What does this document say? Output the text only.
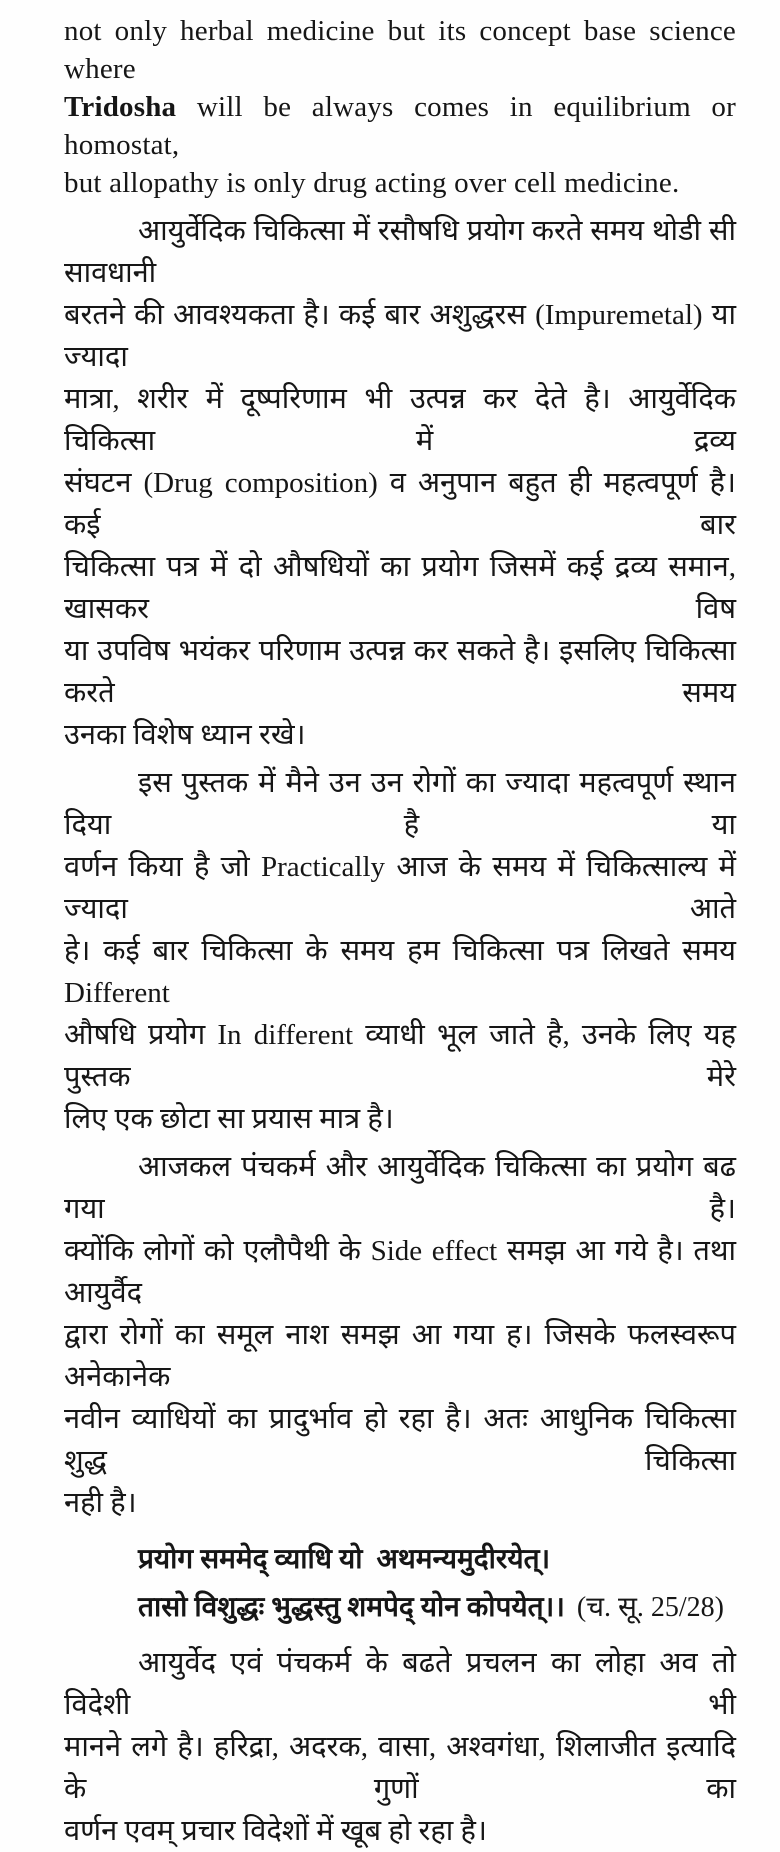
not only herbal medicine but its concept base science where
Tridosha will be always comes in equilibrium or homostat,
but allopathy is only drug acting over cell medicine.
आयुर्वेदिक चिकित्सा में रसौषधि प्रयोग करते समय थोडी सी सावधानी
बरतने की आवश्यकता है। कई बार अशुद्धरस (Impuremetal) या ज्यादा
मात्रा, शरीर में दूष्परिणाम भी उत्पन्न कर देते है। आयुर्वेदिक चिकित्सा में द्रव्य
संघटन (Drug composition) व अनुपान बहुत ही महत्वपूर्ण है। कई बार
चिकित्सा पत्र में दो औषधियों का प्रयोग जिसमें कई द्रव्य समान, खासकर विष
या उपविष भयंकर परिणाम उत्पन्न कर सकते है। इसलिए चिकित्सा करते समय
उनका विशेष ध्यान रखे।
इस पुस्तक में मैने उन उन रोगों का ज्यादा महत्वपूर्ण स्थान दिया है या
वर्णन किया है जो Practically आज के समय में चिकित्साल्य में ज्यादा आते
हे। कई बार चिकित्सा के समय हम चिकित्सा पत्र लिखते समय Different
औषधि प्रयोग In different व्याधी भूल जाते है, उनके लिए यह पुस्तक मेरे
लिए एक छोटा सा प्रयास मात्र है।
आजकल पंचकर्म और आयुर्वेदिक चिकित्सा का प्रयोग बढ गया है।
क्योंकि लोगों को एलौपैथी के Side effect समझ आ गये है। तथा आयुर्वैद
द्वारा रोगों का समूल नाश समझ आ गया ह। जिसके फलस्वरूप अनेकानेक
नवीन व्याधियों का प्रादुर्भाव हो रहा है। अतः आधुनिक चिकित्सा शुद्ध चिकित्सा
नही है।
प्रयोग सममेद् व्याधि यो  अथमन्यमुदीरयेत्।
तासो विशुद्धः भुद्धस्तु शमपेद् योन कोपयेत्।। (च. सू. 25/28)
आयुर्वेद एवं पंचकर्म के बढते प्रचलन का लोहा अव तो विदेशी भी
मानने लगे है। हरिद्रा, अदरक, वासा, अश्वगंधा, शिलाजीत इत्यादि के गुणों का
वर्णन एवम् प्रचार विदेशों में खूब हो रहा है।
